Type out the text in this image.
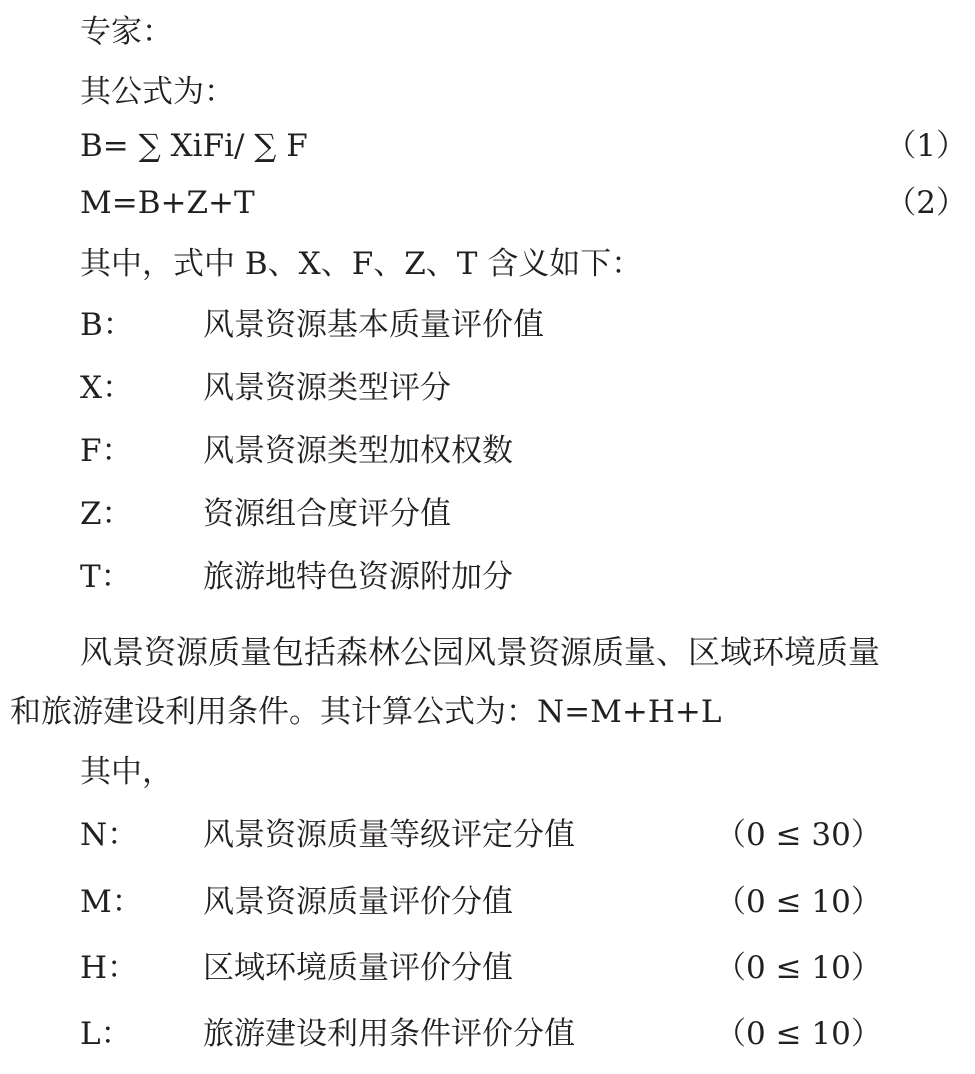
专家：
其公式为：
B= ∑ XiFi/ ∑ F	（1）
M=B+Z+T	（2）
其中，式中 B、X、F、Z、T 含义如下：
B： 风景资源基本质量评价值
X： 风景资源类型评分
F： 风景资源类型加权权数
Z： 资源组合度评分值
T： 旅游地特色资源附加分
风景资源质量包括森林公园风景资源质量、区域环境质量
和旅游建设利用条件。其计算公式为：N=M+H+L
其中，
N： 风景资源质量等级评定分值	（0 ≤ 30）
M： 风景资源质量评价分值	（0 ≤ 10）
H： 区域环境质量评价分值	（0 ≤ 10）
L： 旅游建设利用条件评价分值	（0 ≤ 10）
